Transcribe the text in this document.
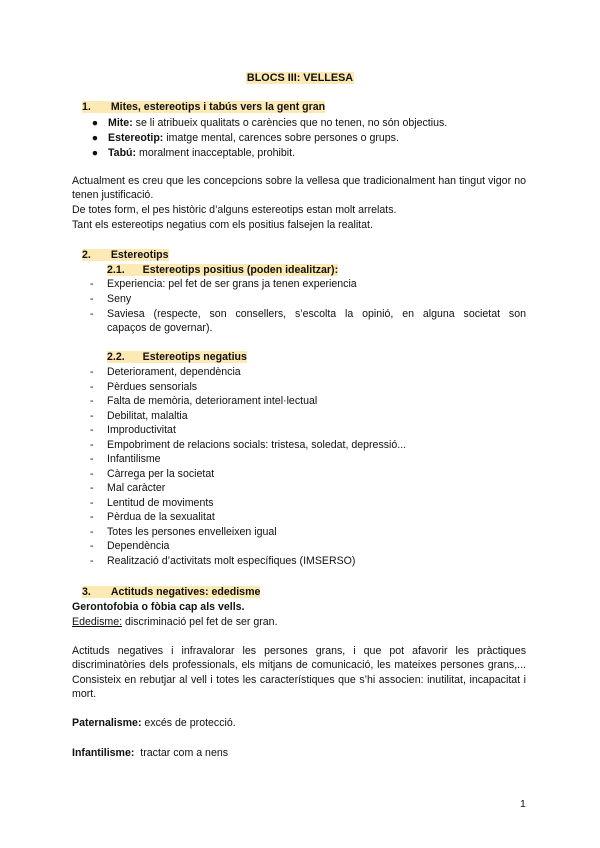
BLOCS III: VELLESA
1. Mites, estereotips i tabús vers la gent gran
● Mite: se li atribueix qualitats o carències que no tenen, no són objectius.
● Estereotip: imatge mental, carences sobre persones o grups.
● Tabú: moralment inacceptable, prohibit.
Actualment es creu que les concepcions sobre la vellesa que tradicionalment han tingut vigor no tenen justificació.
De totes form, el pes històric d’alguns estereotips estan molt arrelats.
Tant els estereotips negatius com els positius falsejen la realitat.
2. Estereotips
2.1. Estereotips positius (poden idealitzar):
- Experiencia: pel fet de ser grans ja tenen experiencia
- Seny
- Saviesa (respecte, son consellers, s’escolta la opinió, en alguna societat son
capaços de governar).
2.2. Estereotips negatius
- Deteriorament, dependència
- Pèrdues sensorials
- Falta de memòria, deteriorament intel·lectual
- Debilitat, malaltia
- Improductivitat
- Empobriment de relacions socials: tristesa, soledat, depressió...
- Infantilisme
- Càrrega per la societat
- Mal caràcter
- Lentitud de moviments
- Pèrdua de la sexualitat
- Totes les persones envelleixen igual
- Dependència
- Realització d’activitats molt específiques (IMSERSO)
3. Actituds negatives: ededisme
Gerontofobia o fòbia cap als vells.
Ededisme: discriminació pel fet de ser gran.
Actituds negatives i infravalorar les persones grans, i que pot afavorir les pràctiques discriminatòries dels professionals, els mitjans de comunicació, les mateixes persones grans,... Consisteix en rebutjar al vell i totes les característiques que s’hi associen: inutilitat, incapacitat i mort.
Paternalisme: excés de protecció.
Infantilisme:  tractar com a nens
1
